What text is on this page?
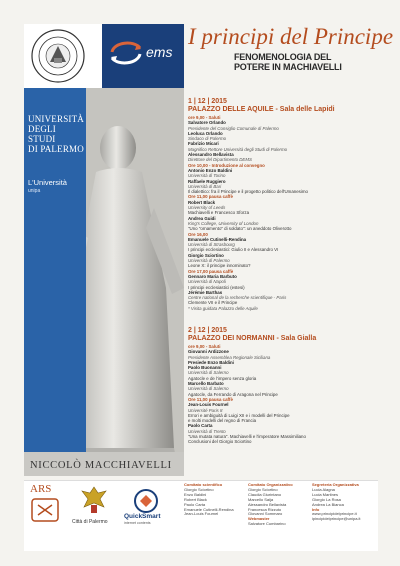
ems
UNIVERSITÀ
DEGLI STUDI
DI PALERMO
L'Università
unipa
NICCOLÒ MACCHIAVELLI
I principi del Principe
FENOMENOLOGIA DEL
POTERE IN MACHIAVELLI
1 | 12 | 2015
PALAZZO DELLE AQUILE - Sala delle Lapidi
ore 9,00 - Saluti
Salvatore Orlando
Presidente del Consiglio Comunale di Palermo
Leoluca Orlando
Sindaco di Palermo
Fabrizio Micari
Magnifico Rettore Università degli Studi di Palermo
Alessandro Bellavista
Direttore del Dipartimento DEMS
Ore 10,00 - Introduzione al convegno
Antonio Enzo Baldini
Università di Torino
Raffaele Ruggiero
Università di Bari
Il dialettico: fra il Principe e il progetto politico dell'Umanesimo
Ore 11,00 pausa caffè
Robert Black
University of Leeds
Machiavelli e Francesco Sforza
Andrea Guidi
King's College, University of London
"Uno "ornamento" di soldato": un aneddoto Oliverotto
Ore 16,00
Emanuele Cutinelli-Rendina
Università di Strasbourg
I principi ecclesiastici: Giulio II e Alessandro VI
Giorgio Sciortino
Università di Palermo
Leone X: il principe innominato?
Ore 17,00 pausa caffè
Gennaro Maria Barbuto
Università di Napoli
I principi ecclesiastici (estesi)
Jérémie Barthas
Centre national de la recherche scientifique - Paris
Clemente VII e il Principe
* Visita guidata Palazzo delle Aquile
2 | 12 | 2015
PALAZZO DEI NORMANNI - Sala Gialla
ore 9,00 - Saluti
Giovanni Ardizzone
Presidente Assemblea Regionale Siciliana
Presiede Enzo Baldini
Paolo Buonanni
Università di Salerno
Agatocle e de l'impero senza gloria
Marcello Barbato
Università di Salerno
Agatocle, da Ferrando di Aragona nel Principe
Ore 11,00 pausa caffè
Jean-Louis Fournel
Université Paris 8
Errori e ambiguità di Luigi XII e i modelli del Principe
e molti modelli del regno di Francia
Paolo Carta
Università di Trento
"Una mutata natura". Machiavelli e l'imperatore Massimiliano
Conclusioni del Giorgio Sciortino
ARS
Città di Palermo
QuickSmart
internet contents
Comitato scientifico
Giorgio Sciortino
Enzo Baldini
Robert Black
Paolo Carta
Emanuele Cutinelli-Rendina
Jean-Louis Fournel
Comitato Organizzativo
Giorgio Sciortino
Claudia Giurintano
Marcello Saija
Alessandro Bellavista
Francesca Rizzuto
Giovanni Sommaro
Webmaster
Salvatore Cumbarino
Segreteria Organizzativa
Lucia Alagna
Lucia Martines
Giorgio La Rosa
Andrea La Bianca
Info
www.principidelprincipe.it
ipincipidelprincipe@unipa.it
